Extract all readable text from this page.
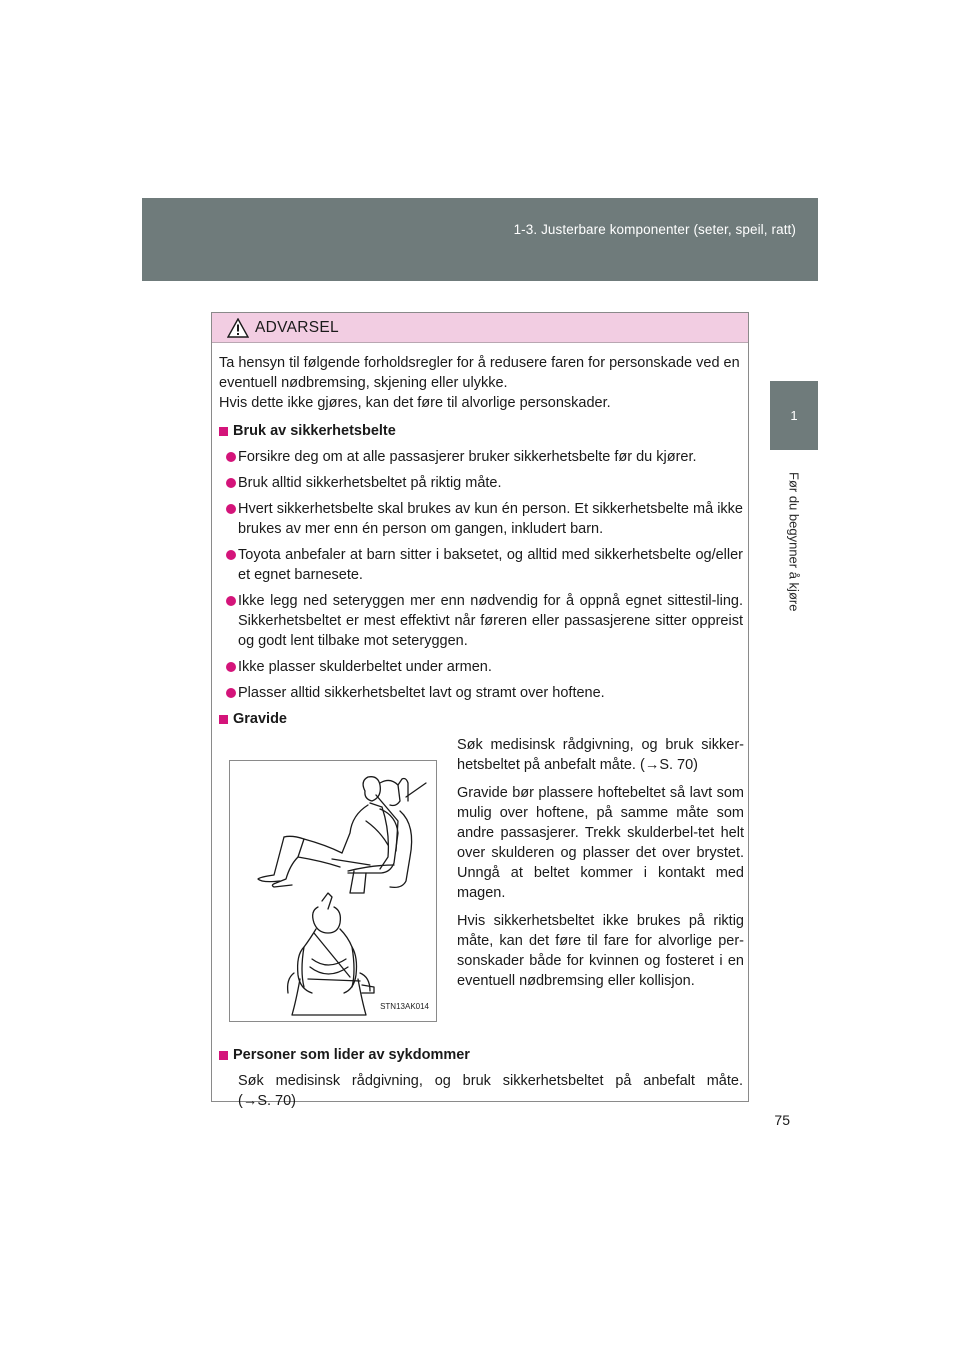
1-3. Justerbare komponenter (seter, speil, ratt)
1
Før du begynner å kjøre
ADVARSEL

Ta hensyn til følgende forholdsregler for å redusere faren for personskade ved en eventuell nødbremsing, skjening eller ulykke.
Hvis dette ikke gjøres, kan det føre til alvorlige personskader.

Bruk av sikkerhetsbelte
Forsikre deg om at alle passasjerer bruker sikkerhetsbelte før du kjører.
Bruk alltid sikkerhetsbeltet på riktig måte.
Hvert sikkerhetsbelte skal brukes av kun én person. Et sikkerhetsbelte må ikke brukes av mer enn én person om gangen, inkludert barn.
Toyota anbefaler at barn sitter i baksetet, og alltid med sikkerhetsbelte og/eller et egnet barnesete.
Ikke legg ned seteryggen mer enn nødvendig for å oppnå egnet sittestil-ling. Sikkerhetsbeltet er mest effektivt når føreren eller passasjerene sitter oppreist og godt lent tilbake mot seteryggen.
Ikke plasser skulderbeltet under armen.
Plasser alltid sikkerhetsbeltet lavt og stramt over hoftene.
Gravide
STN13AK014

Søk medisinsk rådgivning, og bruk sikker-hetsbeltet på anbefalt måte. (→S. 70)

Gravide bør plassere hoftebeltet så lavt som mulig over hoftene, på samme måte som andre passasjerer. Trekk skulderbel-tet helt over skulderen og plasser det over brystet. Unngå at beltet kommer i kontakt med magen.

Hvis sikkerhetsbeltet ikke brukes på riktig måte, kan det føre til fare for alvorlige per-sonskader både for kvinnen og fosteret i en eventuell nødbremsing eller kollisjon.

Personer som lider av sykdommer

Søk medisinsk rådgivning, og bruk sikkerhetsbeltet på anbefalt måte.

(→S. 70)

75
